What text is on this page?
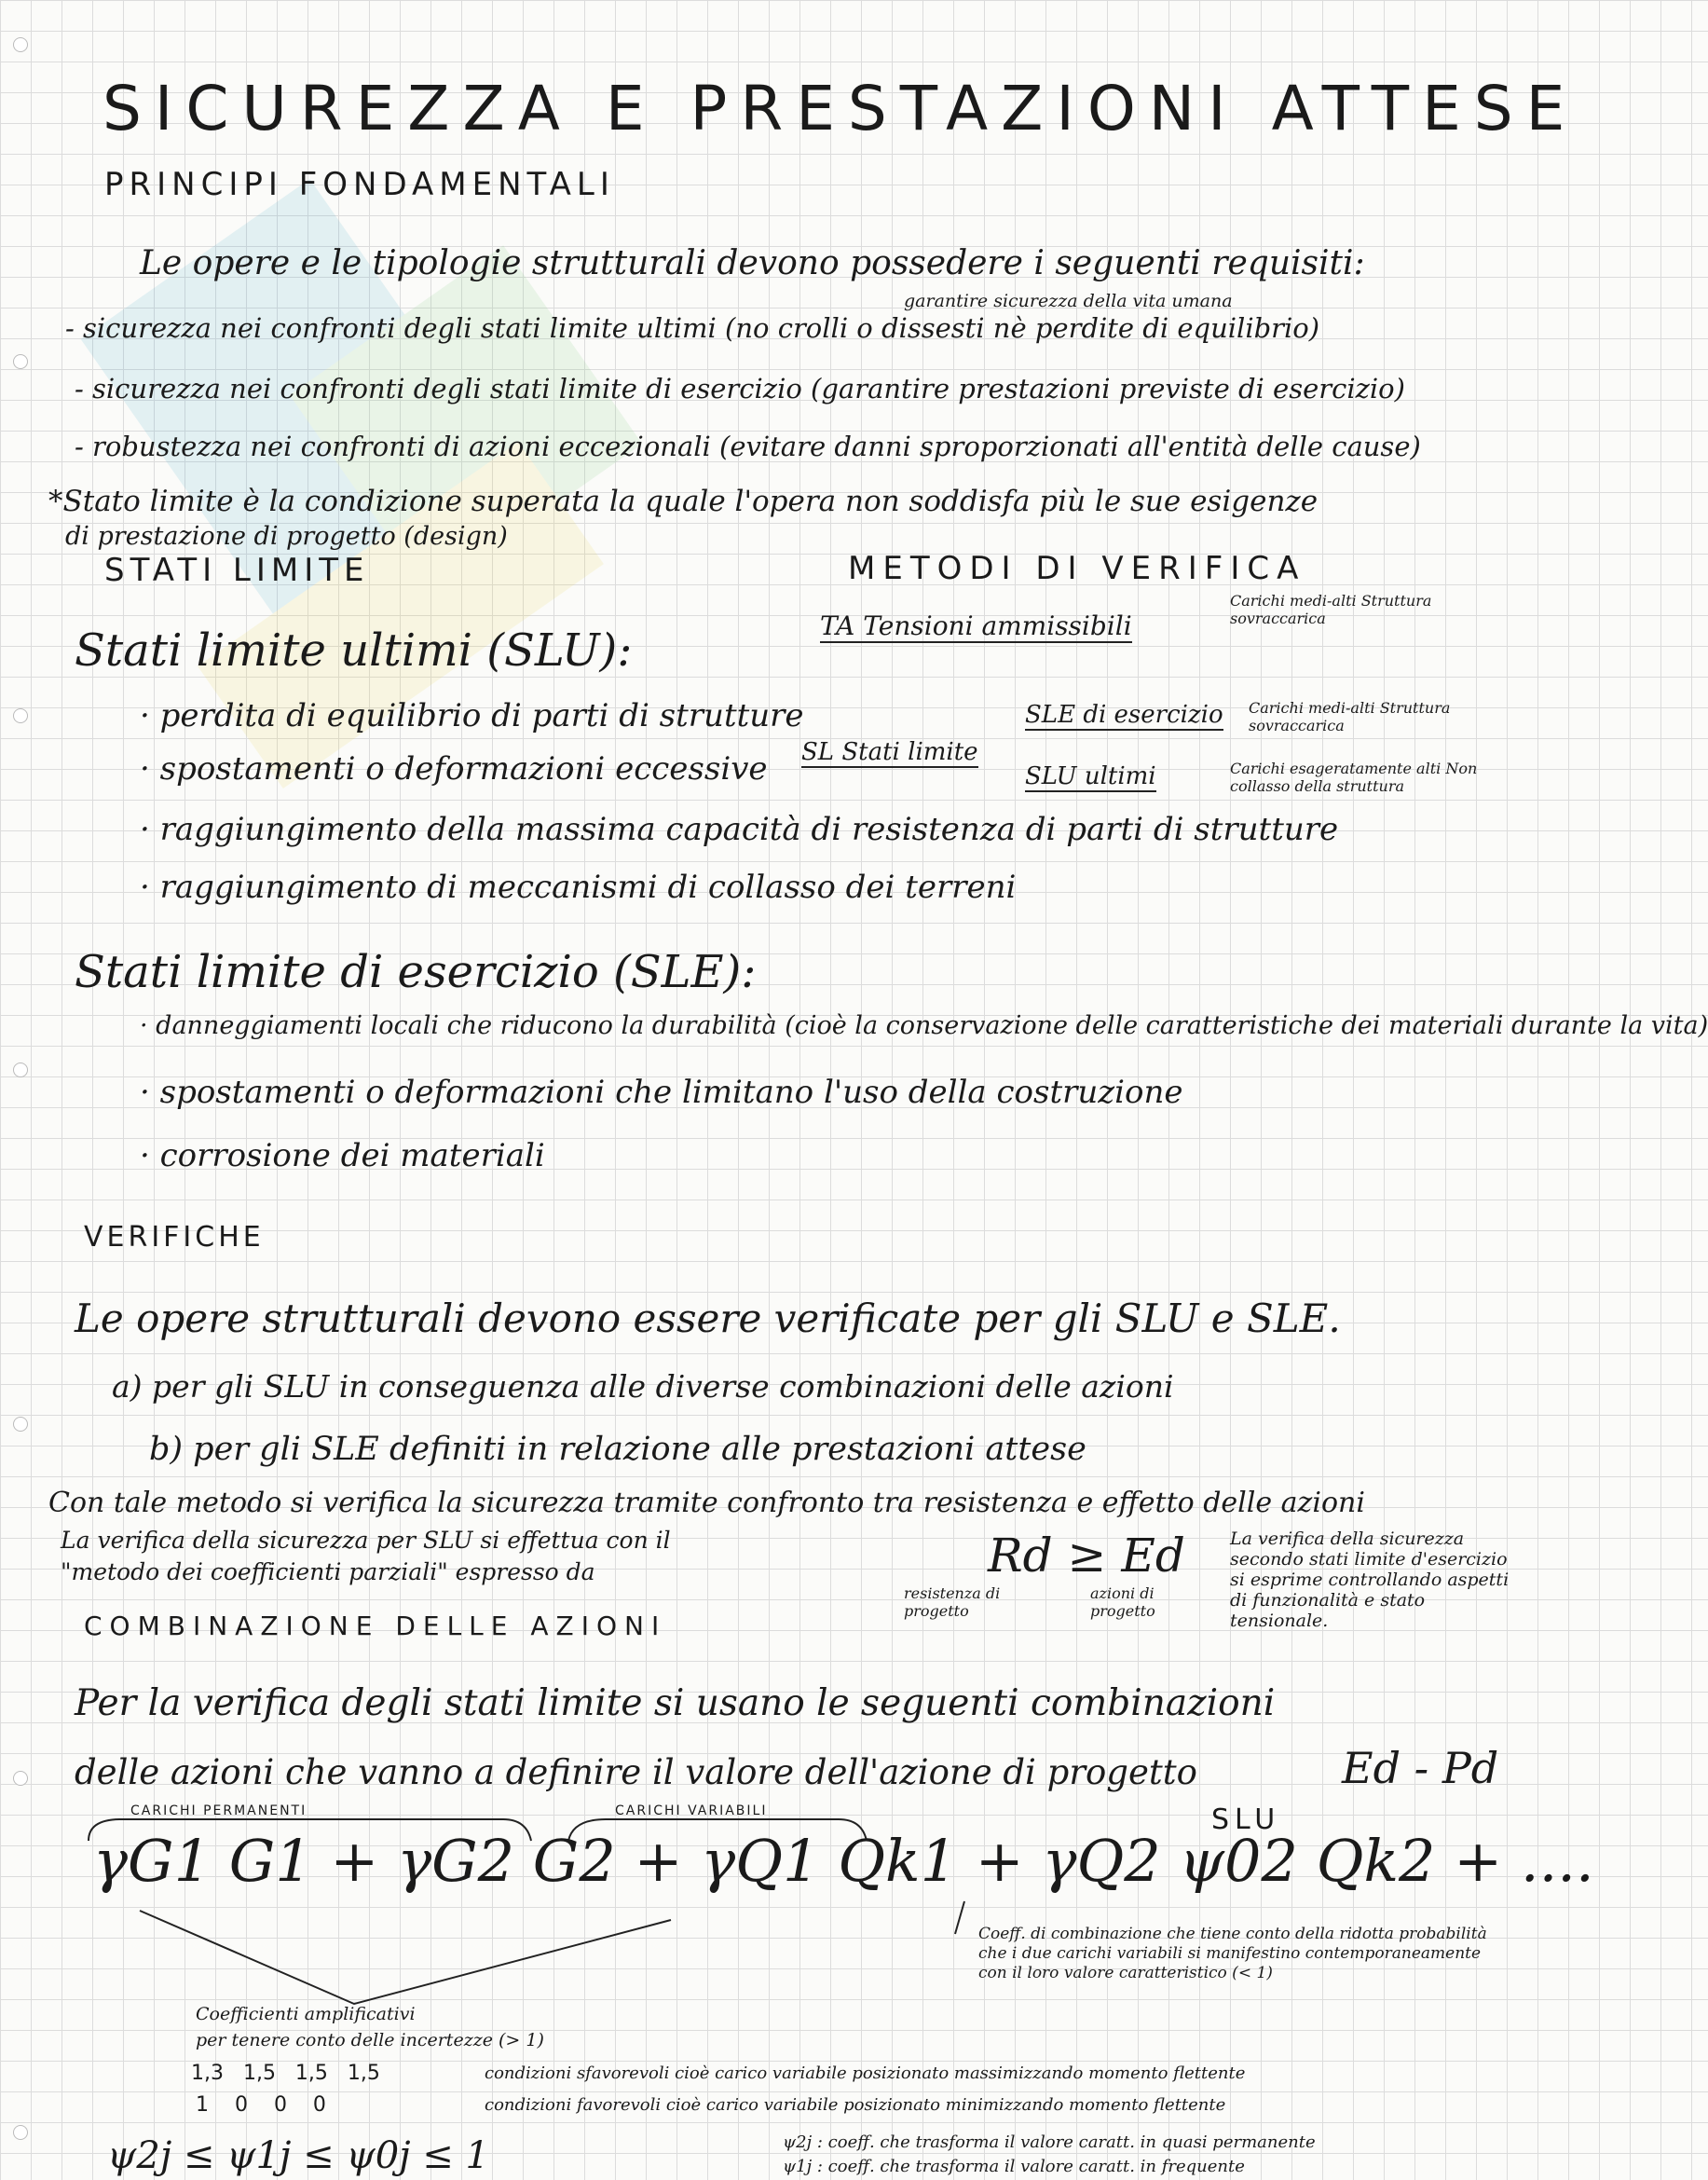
SICUREZZA E PRESTAZIONI ATTESE
PRINCIPI FONDAMENTALI
Le opere e le tipologie strutturali devono possedere i seguenti requisiti:
garantire sicurezza della vita umana
- sicurezza nei confronti degli stati limite ultimi (no crolli o dissesti nè perdite di equilibrio)
- sicurezza nei confronti degli stati limite di esercizio (garantire prestazioni previste di esercizio)
- robustezza nei confronti di azioni eccezionali (evitare danni sproporzionati all'entità delle cause)
*Stato limite è la condizione superata la quale l'opera non soddisfa più le sue esigenze
di prestazione di progetto (design)
STATI LIMITE	METODI DI VERIFICA
TA Tensioni ammissibili
Carichi medi-alti Struttura sovraccarica
Stati limite ultimi (SLU):
SLE di esercizio Carichi medi-alti Struttura sovraccarica
SL Stati limite
SLU ultimi	Carichi esageratamente alti Non collasso della struttura
· perdita di equilibrio di parti di strutture
· spostamenti o deformazioni eccessive
· raggiungimento della massima capacità di resistenza di parti di strutture
· raggiungimento di meccanismi di collasso dei terreni
Stati limite di esercizio (SLE):
· danneggiamenti locali che riducono la durabilità (cioè la conservazione delle caratteristiche dei materiali durante la vita)
· spostamenti o deformazioni che limitano l'uso della costruzione
· corrosione dei materiali
VERIFICHE
Le opere strutturali devono essere verificate per gli SLU e SLE.
a) per gli SLU in conseguenza alle diverse combinazioni delle azioni
b) per gli SLE definiti in relazione alle prestazioni attese
Con tale metodo si verifica la sicurezza tramite confronto tra resistenza e effetto delle azioni
La verifica della sicurezza per SLU si effettua con il
"metodo dei coefficienti parziali" espresso da	Rd ≥ Ed
resistenza di progetto
azioni di progetto
La verifica della sicurezza secondo stati limite d'esercizio si esprime controllando aspetti di funzionalità e stato tensionale.
COMBINAZIONE DELLE AZIONI
Per la verifica degli stati limite si usano le seguenti combinazioni
delle azioni che vanno a definire il valore dell'azione di progetto	Ed - Pd
SLU
CARICHI PERMANENTI	CARICHI VARIABILI
γG1 G1 + γG2 G2 + γQ1 Qk1 + γQ2 ψ02 Qk2 + ....
Coeff. di combinazione che tiene conto della ridotta probabilità che i due carichi variabili si manifestino contemporaneamente con il loro valore caratteristico (< 1)
Coefficienti amplificativi
per tenere conto delle incertezze (> 1)
1,3   1,5   1,5   1,5	condizioni sfavorevoli cioè carico variabile posizionato massimizzando momento flettente
1    0    0    0	condizioni favorevoli cioè carico variabile posizionato minimizzando momento flettente
ψ2j ≤ ψ1j ≤ ψ0j ≤ 1	ψ2j : coeff. che trasforma il valore caratt. in quasi permanente
ψ1j : coeff. che trasforma il valore caratt. in frequente
